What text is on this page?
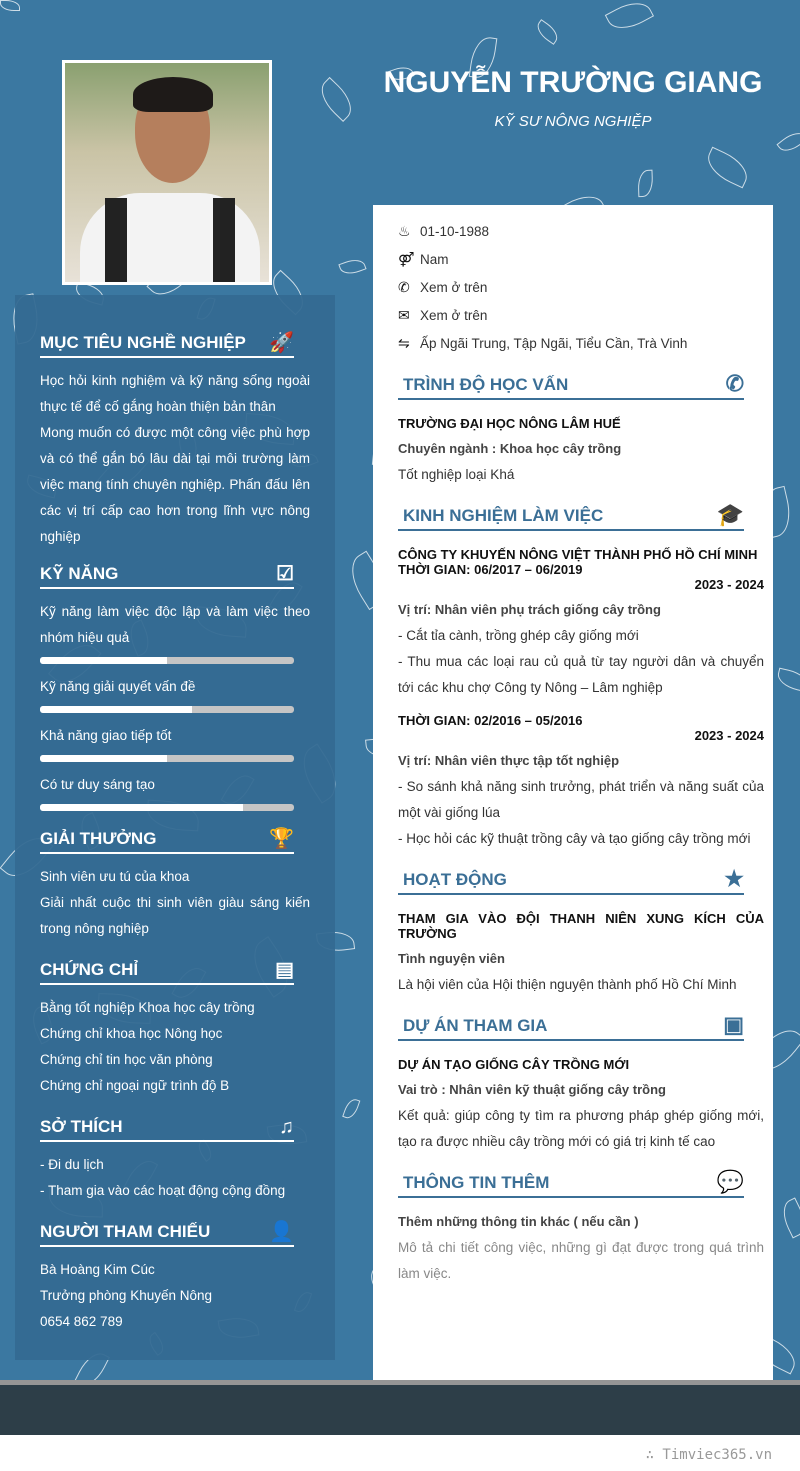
NGUYỄN TRƯỜNG GIANG
KỸ SƯ NÔNG NGHIỆP
MỤC TIÊU NGHỀ NGHIỆP 🚀

Học hỏi kinh nghiệm và kỹ năng sống ngoài thực tế để cố gắng hoàn thiện bản thân

Mong muốn có được một công việc phù hợp và có thể gắn bó lâu dài tại môi trường làm việc mang tính chuyên nghiệp. Phấn đấu lên các vị trí cấp cao hơn trong lĩnh vực nông nghiệp

KỸ NĂNG	☑

Kỹ năng làm việc độc lập và làm việc theo nhóm hiệu quả

Kỹ năng giải quyết vấn đề

Khả năng giao tiếp tốt

Có tư duy sáng tạo

GIẢI THƯỞNG	🏆

Sinh viên ưu tú của khoa

Giải nhất cuộc thi sinh viên giàu sáng kiến trong nông nghiệp

CHỨNG CHỈ	▤

Bằng tốt nghiệp Khoa học cây trồng

Chứng chỉ khoa học Nông học

Chứng chỉ tin học văn phòng

Chứng chỉ ngoại ngữ trình độ B

SỞ THÍCH	♫

- Đi du lịch

- Tham gia vào các hoạt động cộng đồng

NGƯỜI THAM CHIẾU	👤

Bà Hoàng Kim Cúc

Trưởng phòng Khuyến Nông

0654 862 789

♨ 01-10-1988
⚤ Nam
✆ Xem ở trên
✉ Xem ở trên
⇋ Ấp Ngãi Trung, Tập Ngãi, Tiểu Cần, Trà Vinh
TRÌNH ĐỘ HỌC VẤN	✆
TRƯỜNG ĐẠI HỌC NÔNG LÂM HUẾ
Chuyên ngành : Khoa học cây trồng
Tốt nghiệp loại Khá
KINH NGHIỆM LÀM VIỆC	🎓
CÔNG TY KHUYẾN NÔNG VIỆT THÀNH PHỐ HỒ CHÍ MINH
THỜI GIAN: 06/2017 – 06/2019
2023 - 2024
Vị trí: Nhân viên phụ trách giống cây trồng
- Cắt tỉa cành, trồng ghép cây giống mới
- Thu mua các loại rau củ quả từ tay người dân và chuyển tới các khu chợ Công ty Nông – Lâm nghiệp
THỜI GIAN: 02/2016 – 05/2016
2023 - 2024
Vị trí: Nhân viên thực tập tốt nghiệp
- So sánh khả năng sinh trưởng, phát triển và năng suất của một vài giống lúa
- Học hỏi các kỹ thuật trồng cây và tạo giống cây trồng mới
HOẠT ĐỘNG	★
THAM GIA VÀO ĐỘI THANH NIÊN XUNG KÍCH CỦA TRƯỜNG
Tình nguyện viên
Là hội viên của Hội thiện nguyện thành phố Hồ Chí Minh
DỰ ÁN THAM GIA	▣
DỰ ÁN TẠO GIỐNG CÂY TRỒNG MỚI
Vai trò : Nhân viên kỹ thuật giống cây trồng
Kết quả: giúp công ty tìm ra phương pháp ghép giống mới, tạo ra được nhiều cây trồng mới có giá trị kinh tế cao
THÔNG TIN THÊM	💬
Thêm những thông tin khác ( nếu cần )
Mô tả chi tiết công việc, những gì đạt được trong quá trình làm việc.
∴ Timviec365.vn
